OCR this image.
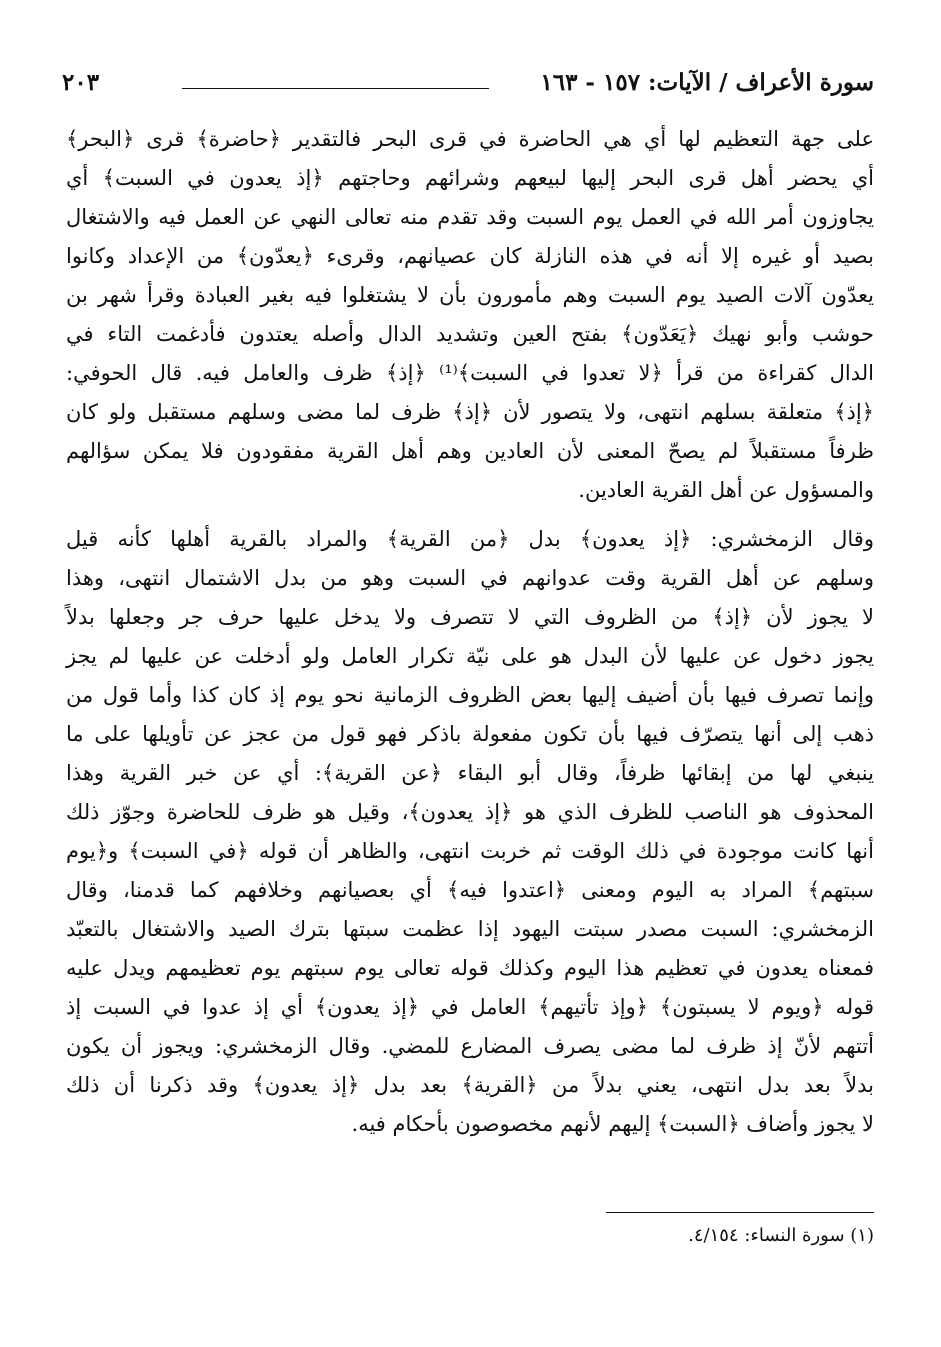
سورة الأعراف / الآيات: ١٥٧ - ١٦٣
٢٠٣
على جهة التعظيم لها أي هي الحاضرة في قرى البحر فالتقدير ﴿حاضرة﴾ قرى ﴿البحر﴾
أي يحضر أهل قرى البحر إليها لبيعهم وشرائهم وحاجتهم ﴿إذ يعدون في السبت﴾ أي
يجاوزون أمر الله في العمل يوم السبت وقد تقدم منه تعالى النهي عن العمل فيه والاشتغال
بصيد أو غيره إلا أنه في هذه النازلة كان عصيانهم، وقرىء ﴿يعدّون﴾ من الإعداد وكانوا
يعدّون آلات الصيد يوم السبت وهم مأمورون بأن لا يشتغلوا فيه بغير العبادة وقرأ شهر بن
حوشب وأبو نهيك ﴿يَعَدّون﴾ بفتح العين وتشديد الدال وأصله يعتدون فأدغمت التاء في
الدال كقراءة من قرأ ﴿لا تعدوا في السبت﴾⁽¹⁾ ﴿إذ﴾ ظرف والعامل فيه. قال الحوفي:
﴿إذ﴾ متعلقة بسلهم انتهى، ولا يتصور لأن ﴿إذ﴾ ظرف لما مضى وسلهم مستقبل ولو كان
ظرفاً مستقبلاً لم يصحّ المعنى لأن العادين وهم أهل القرية مفقودون فلا يمكن سؤالهم
والمسؤول عن أهل القرية العادين.
وقال الزمخشري: ﴿إذ يعدون﴾ بدل ﴿من القرية﴾ والمراد بالقرية أهلها كأنه قيل
وسلهم عن أهل القرية وقت عدوانهم في السبت وهو من بدل الاشتمال انتهى، وهذا
لا يجوز لأن ﴿إذ﴾ من الظروف التي لا تتصرف ولا يدخل عليها حرف جر وجعلها بدلاً
يجوز دخول عن عليها لأن البدل هو على نيّة تكرار العامل ولو أدخلت عن عليها لم يجز
وإنما تصرف فيها بأن أضيف إليها بعض الظروف الزمانية نحو يوم إذ كان كذا وأما قول من
ذهب إلى أنها يتصرّف فيها بأن تكون مفعولة باذكر فهو قول من عجز عن تأويلها على ما
ينبغي لها من إبقائها ظرفاً، وقال أبو البقاء ﴿عن القرية﴾: أي عن خبر القرية وهذا
المحذوف هو الناصب للظرف الذي هو ﴿إذ يعدون﴾، وقيل هو ظرف للحاضرة وجوّز ذلك
أنها كانت موجودة في ذلك الوقت ثم خربت انتهى، والظاهر أن قوله ﴿في السبت﴾ و﴿يوم
سبتهم﴾ المراد به اليوم ومعنى ﴿اعتدوا فيه﴾ أي بعصيانهم وخلافهم كما قدمنا، وقال
الزمخشري: السبت مصدر سبتت اليهود إذا عظمت سبتها بترك الصيد والاشتغال بالتعبّد
فمعناه يعدون في تعظيم هذا اليوم وكذلك قوله تعالى يوم سبتهم يوم تعظيمهم ويدل عليه
قوله ﴿ويوم لا يسبتون﴾ ﴿وإذ تأتيهم﴾ العامل في ﴿إذ يعدون﴾ أي إذ عدوا في السبت إذ
أتتهم لأنّ إذ ظرف لما مضى يصرف المضارع للمضي. وقال الزمخشري: ويجوز أن يكون
بدلاً بعد بدل انتهى، يعني بدلاً من ﴿القرية﴾ بعد بدل ﴿إذ يعدون﴾ وقد ذكرنا أن ذلك
لا يجوز وأضاف ﴿السبت﴾ إليهم لأنهم مخصوصون بأحكام فيه.
(١) سورة النساء: ٤/١٥٤.
